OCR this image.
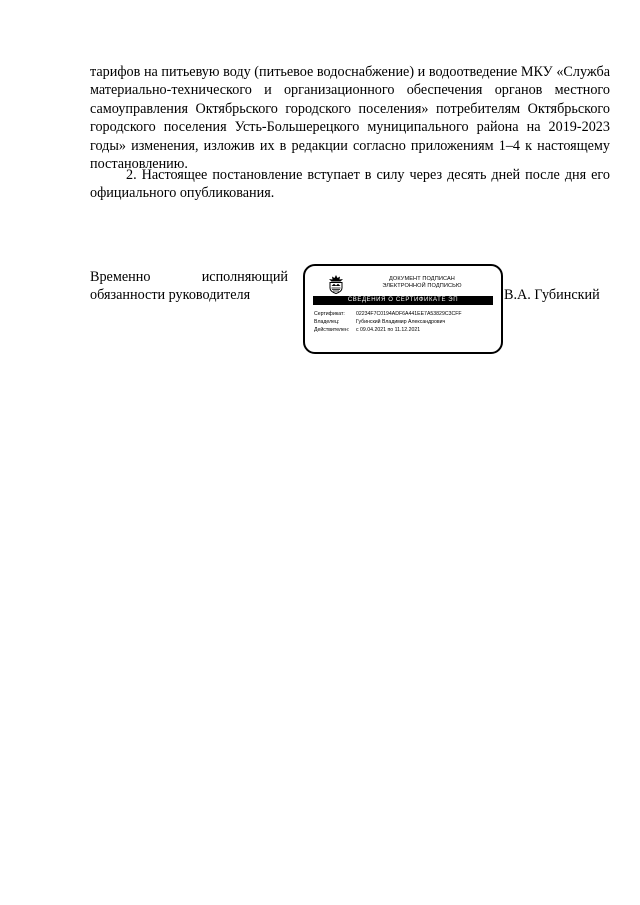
тарифов на питьевую воду (питьевое водоснабжение) и водоотведение МКУ «Служба материально-технического и организационного обеспечения органов местного самоуправления Октябрьского городского поселения» потребителям Октябрьского городского поселения Усть-Большерецкого муниципального района на 2019-2023 годы» изменения, изложив их в редакции согласно приложениям 1–4 к настоящему постановлению.

2. Настоящее постановление вступает в силу через десять дней после дня его официального опубликования.

Временно	исполняющий
обязанности руководителя
ДОКУМЕНТ ПОДПИСАН
ЭЛЕКТРОННОЙ ПОДПИСЬЮ
СВЕДЕНИЯ О СЕРТИФИКАТЕ ЭП
Сертификат: 02234F7C0194ADF6A441EE7A53829C3CFF
Владелец:	Губинский Владимир Александрович
Действителен: с 09.04.2021 по 11.12.2021
В.А. Губинский
